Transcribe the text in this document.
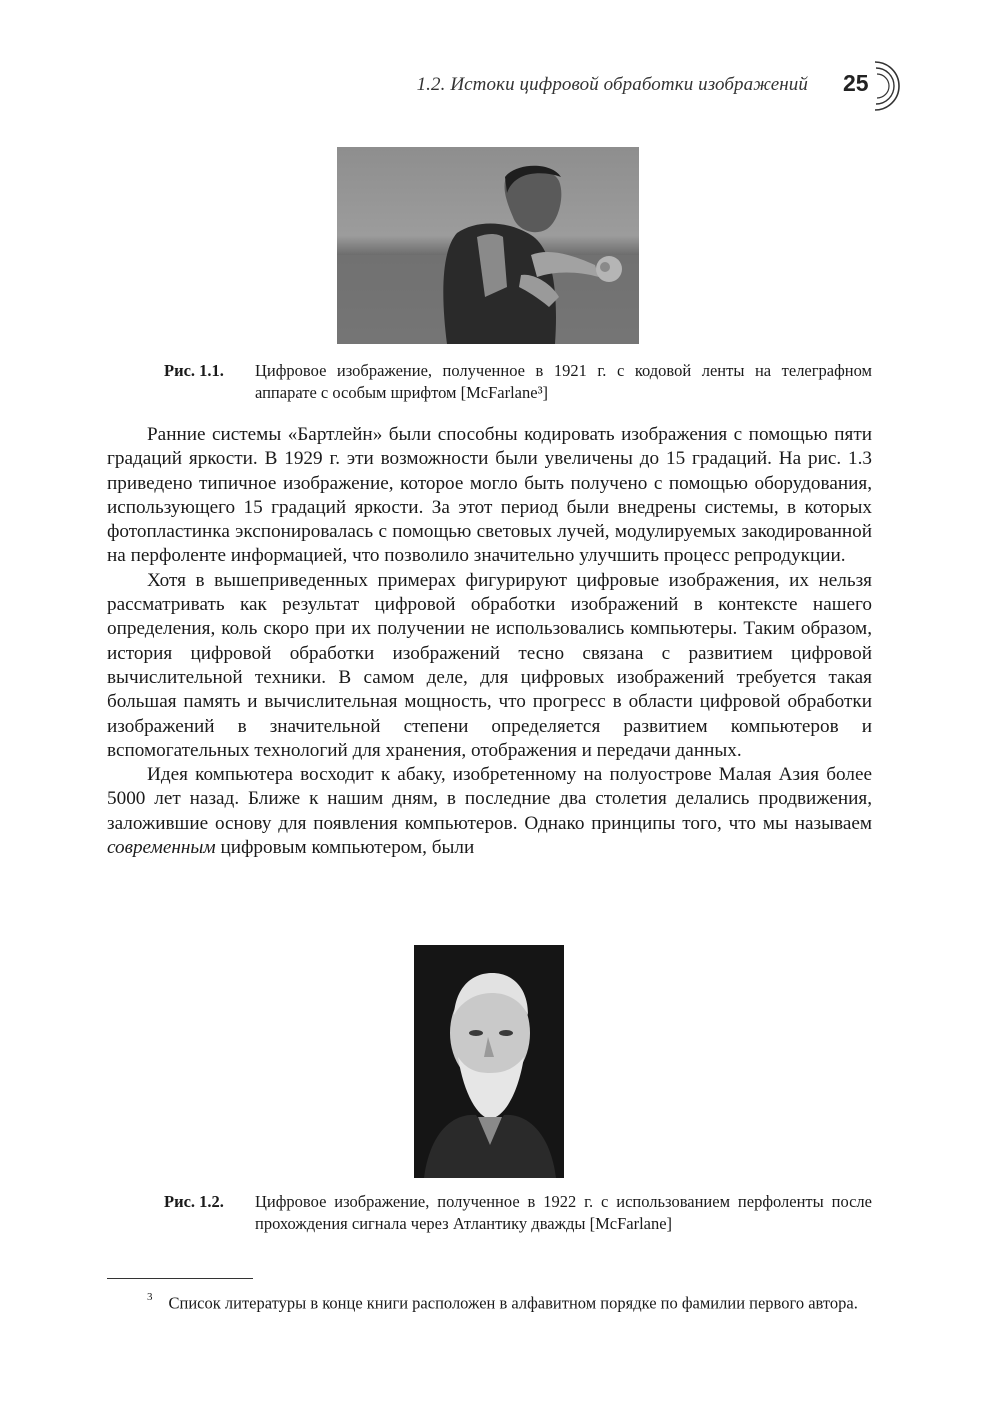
1.2. Истоки цифровой обработки изображений 25
Рис. 1.1. Цифровое изображение, полученное в 1921 г. с кодовой ленты на телеграфном аппарате с особым шрифтом [McFarlane³]

Ранние системы «Бартлейн» были способны кодировать изображения с помощью пяти градаций яркости. В 1929 г. эти возможности были увеличены до 15 градаций. На рис. 1.3 приведено типичное изображение, которое могло быть получено с помощью оборудования, использующего 15 градаций яркости. За этот период были внедрены системы, в которых фотопластинка экспонировалась с помощью световых лучей, модулируемых закодированной на перфоленте информацией, что позволило значительно улучшить процесс репродукции.

Хотя в вышеприведенных примерах фигурируют цифровые изображения, их нельзя рассматривать как результат цифровой обработки изображений в контексте нашего определения, коль скоро при их получении не использовались компьютеры. Таким образом, история цифровой обработки изображений тесно связана с развитием цифровой вычислительной техники. В самом деле, для цифровых изображений требуется такая большая память и вычислительная мощность, что прогресс в области цифровой обработки изображений в значительной степени определяется развитием компьютеров и вспомогательных технологий для хранения, отображения и передачи данных.

Идея компьютера восходит к абаку, изобретенному на полуострове Малая Азия более 5000 лет назад. Ближе к нашим дням, в последние два столетия делались продвижения, заложившие основу для появления компьютеров. Однако принципы того, что мы называем современным цифровым компьютером, были

Рис. 1.2. Цифровое изображение, полученное в 1922 г. с использованием перфоленты после прохождения сигнала через Атлантику дважды [McFarlane]
$^3$ Список литературы в конце книги расположен в алфавитном порядке по фамилии первого автора.
